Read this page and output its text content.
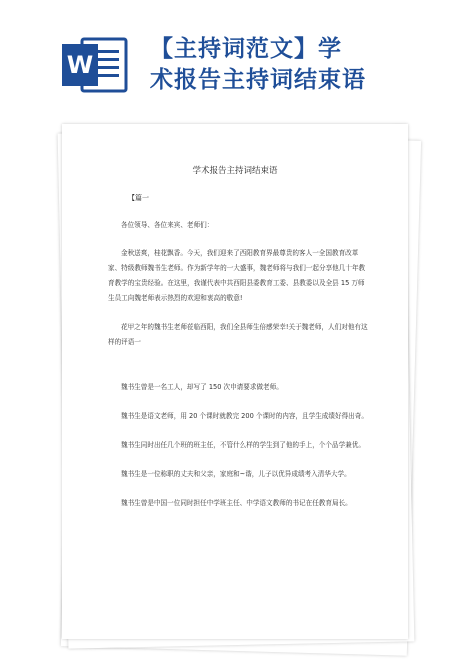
W
【主持词范文】学
术报告主持词结束语
学术报告主持词结束语
【篇一

各位领导、各位来宾、老师们：

金秋送爽，桂花飘香。今天，我们迎来了西阳教育界最尊贵的客人一全国教育改革家、特级教师魏书生老师。作为新学年的一大盛事，魏老师将与我们一起分享他几十年教育教学的宝贵经验。在这里，我谨代表中共西阳县委教育工委、县教委以及全县 15 万师生员工向魏老师表示热烈的欢迎和衷高的敬意!

花甲之年的魏书生老师莅临西阳，我们全县师生倍感荣幸!关于魏老师，人们对他有这样的评语一

魏书生曾是一名工人，却写了 150 次申请要求做老师。

魏书生是语文老师，用 20 个课时就教完 200 个课时的内容，且学生成绩好得出奇。

魏书生同时出任几个班的班主任，不管什么样的学生到了他的手上，个个品学兼优。

魏书生是一位称职的丈夫和父亲，家庭和~谐，儿子以优异成绩考入清华大学。

魏书生曾是中国一位同时担任中学班主任、中学语文教师的书记在任教育局长。
